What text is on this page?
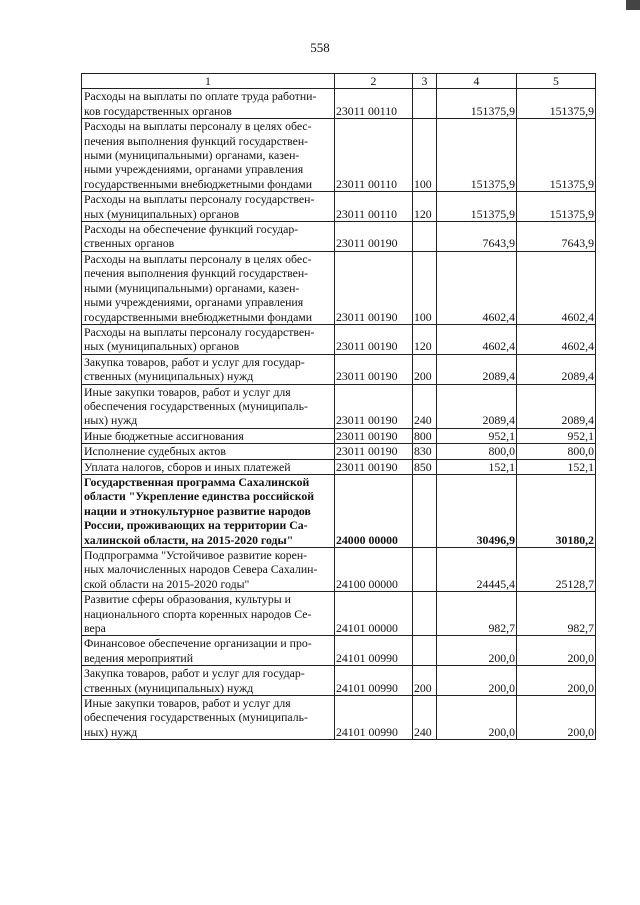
558
1	2	3	4	5
Расходы на выплаты по оплате труда работни-
ков государственных органов	23011 00110		151375,9	151375,9
Расходы на выплаты персоналу в целях обес-
печения выполнения функций государствен-
ными (муниципальными) органами, казен-
ными учреждениями, органами управления
государственными внебюджетными фондами	23011 00110	100	151375,9	151375,9
Расходы на выплаты персоналу государствен-
ных (муниципальных) органов	23011 00110	120	151375,9	151375,9
Расходы на обеспечение функций государ-
ственных органов	23011 00190		7643,9	7643,9
Расходы на выплаты персоналу в целях обес-
печения выполнения функций государствен-
ными (муниципальными) органами, казен-
ными учреждениями, органами управления
государственными внебюджетными фондами	23011 00190	100	4602,4	4602,4
Расходы на выплаты персоналу государствен-
ных (муниципальных) органов	23011 00190	120	4602,4	4602,4
Закупка товаров, работ и услуг для государ-
ственных (муниципальных) нужд	23011 00190	200	2089,4	2089,4
Иные закупки товаров, работ и услуг для
обеспечения государственных (муниципаль-
ных) нужд	23011 00190	240	2089,4	2089,4
Иные бюджетные ассигнования	23011 00190	800	952,1	952,1
Исполнение судебных актов	23011 00190	830	800,0	800,0
Уплата налогов, сборов и иных платежей	23011 00190	850	152,1	152,1
Государственная программа Сахалинской
области "Укрепление единства российской
нации и этнокультурное развитие народов
России, проживающих на территории Са-
халинской области, на 2015-2020 годы"	24000 00000		30496,9	30180,2
Подпрограмма "Устойчивое развитие корен-
ных малочисленных народов Севера Сахалин-
ской области на 2015-2020 годы"	24100 00000		24445,4	25128,7
Развитие сферы образования, культуры и
национального спорта коренных народов Се-
вера	24101 00000		982,7	982,7
Финансовое обеспечение организации и про-
ведения мероприятий	24101 00990		200,0	200,0
Закупка товаров, работ и услуг для государ-
ственных (муниципальных) нужд	24101 00990	200	200,0	200,0
Иные закупки товаров, работ и услуг для
обеспечения государственных (муниципаль-
ных) нужд	24101 00990	240	200,0	200,0
